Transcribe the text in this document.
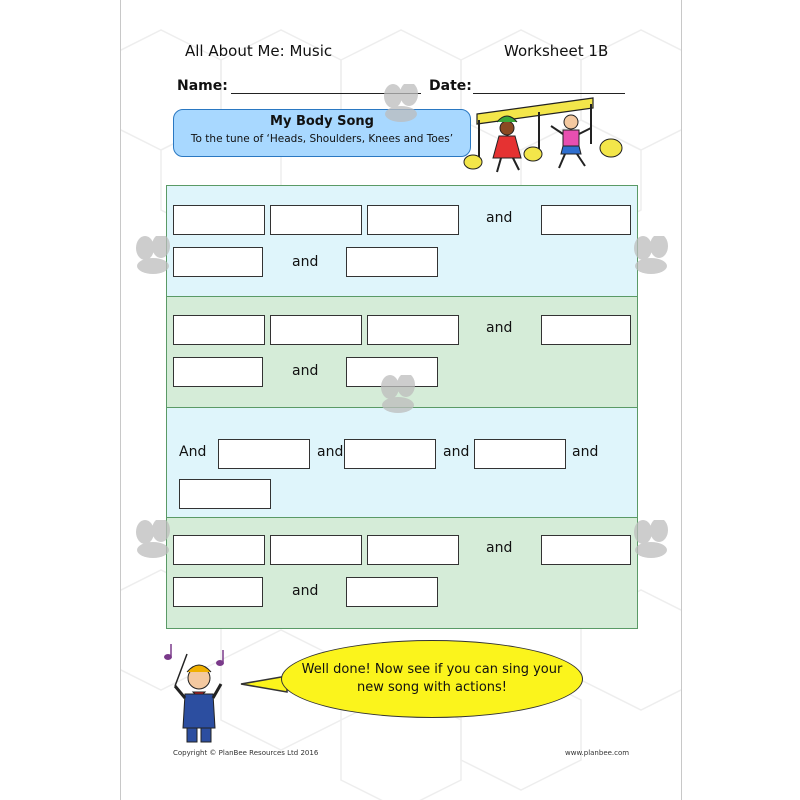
All About Me: Music	Worksheet 1B
Name:	Date:
My Body Song
To the tune of ‘Heads, Shoulders, Knees and Toes’
and
and
and
and
And	and	and	and
and
and
Well done! Now see if you can sing your
new song with actions!
Copyright © PlanBee Resources Ltd 2016	www.planbee.com
